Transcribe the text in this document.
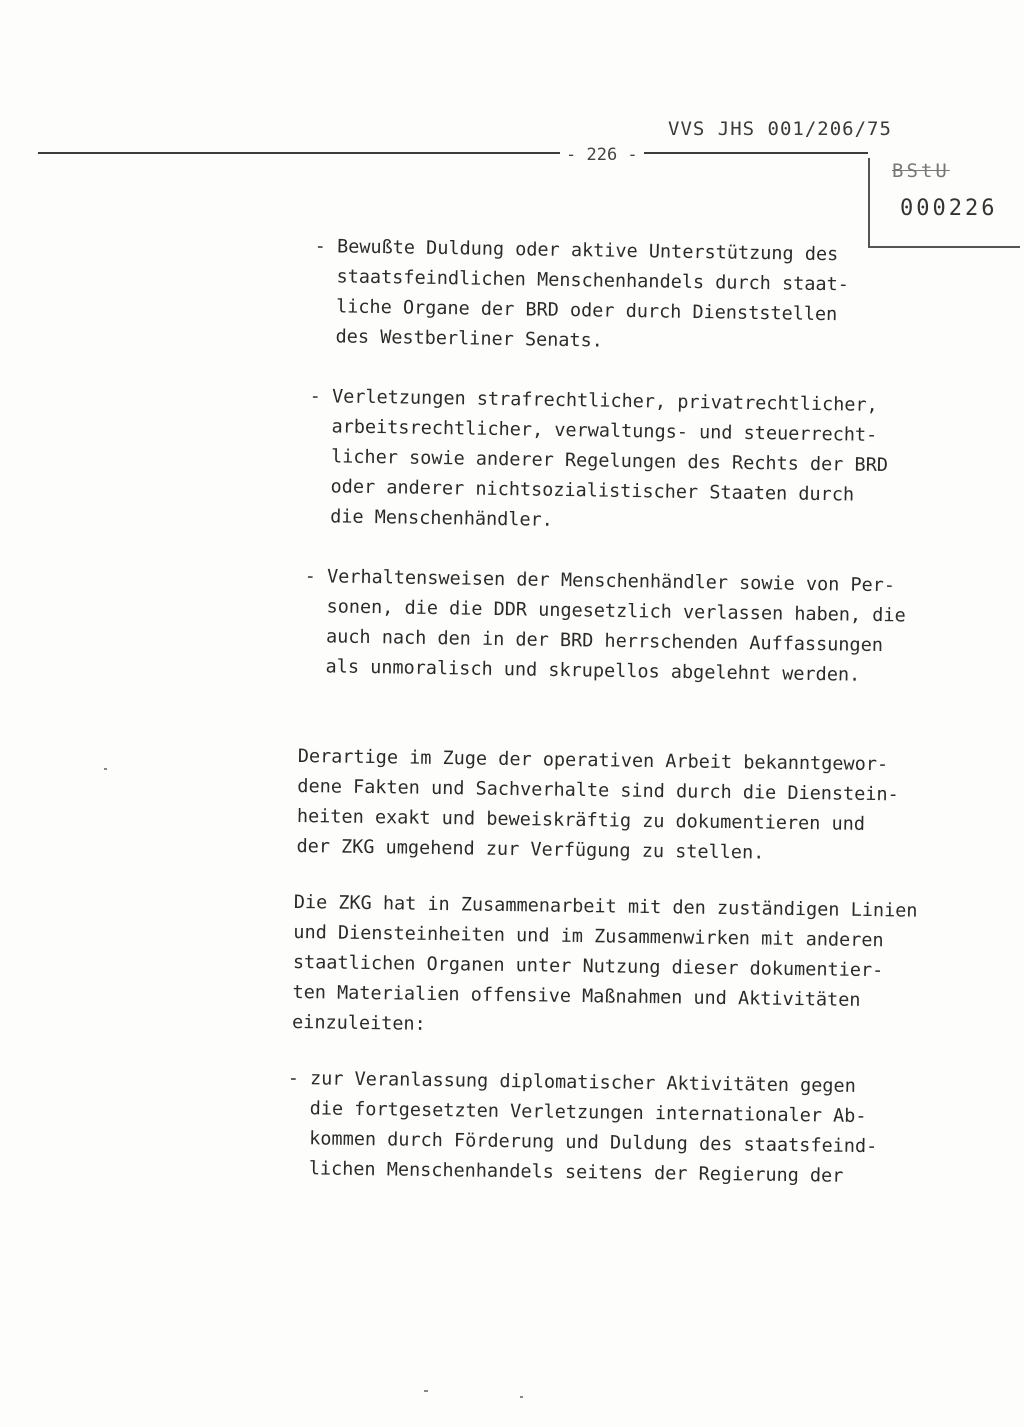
VVS JHS 001/206/75
- 226 -
BStU
000226
- Bewußte Duldung oder aktive Unterstützung des
staatsfeindlichen Menschenhandels durch staat-
liche Organe der BRD oder durch Dienststellen
des Westberliner Senats.
- Verletzungen strafrechtlicher, privatrechtlicher,
arbeitsrechtlicher, verwaltungs- und steuerrecht-
licher sowie anderer Regelungen des Rechts der BRD
oder anderer nichtsozialistischer Staaten durch
die Menschenhändler.
- Verhaltensweisen der Menschenhändler sowie von Per-
sonen, die die DDR ungesetzlich verlassen haben, die
auch nach den in der BRD herrschenden Auffassungen
als unmoralisch und skrupellos abgelehnt werden.
Derartige im Zuge der operativen Arbeit bekanntgewor-
dene Fakten und Sachverhalte sind durch die Dienstein-
heiten exakt und beweiskräftig zu dokumentieren und
der ZKG umgehend zur Verfügung zu stellen.
Die ZKG hat in Zusammenarbeit mit den zuständigen Linien
und Diensteinheiten und im Zusammenwirken mit anderen
staatlichen Organen unter Nutzung dieser dokumentier-
ten Materialien offensive Maßnahmen und Aktivitäten
einzuleiten:
- zur Veranlassung diplomatischer Aktivitäten gegen
die fortgesetzten Verletzungen internationaler Ab-
kommen durch Förderung und Duldung des staatsfeind-
lichen Menschenhandels seitens der Regierung der
